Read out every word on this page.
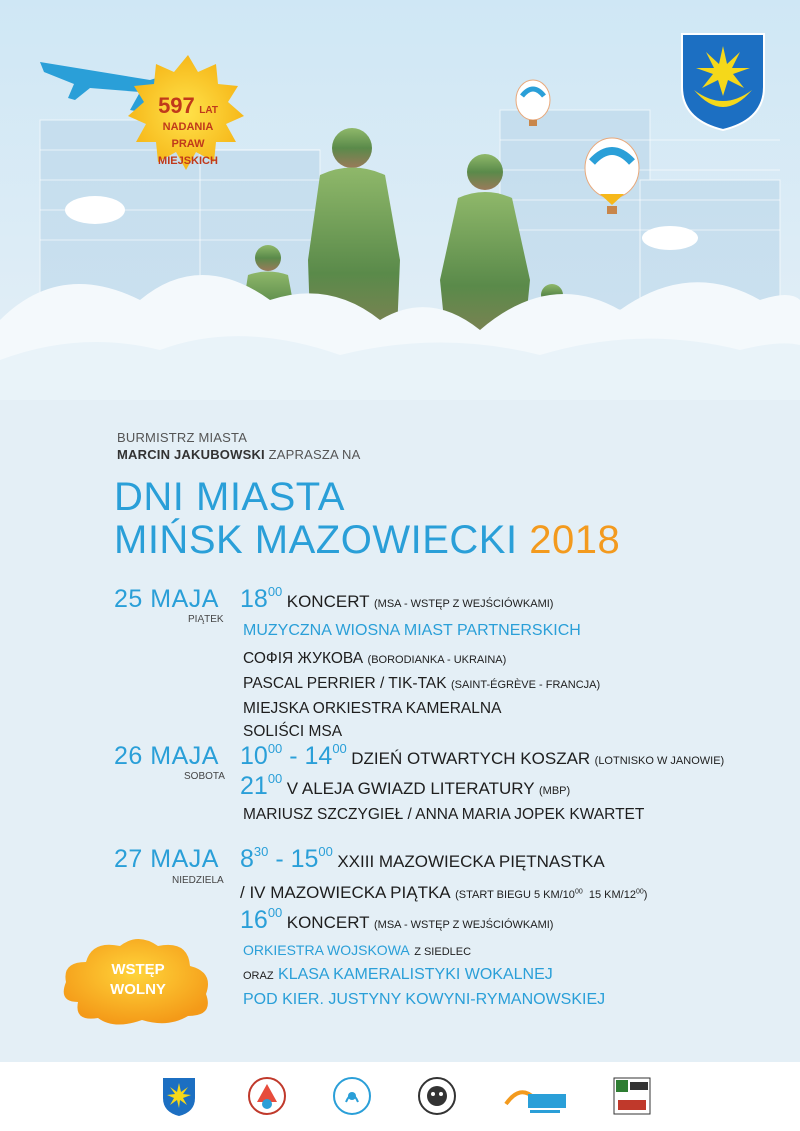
597 LAT
NADANIA
PRAW
MIEJSKICH
BURMISTRZ MIASTA
MARCIN JAKUBOWSKI ZAPRASZA NA
DNI MIASTA
MIŃSK MAZOWIECKI 2018
25 MAJA
PIĄTEK
$18^{00}$ KONCERT (MSA - WSTĘP Z WEJŚCIÓWKAMI)
MUZYCZNA WIOSNA MIAST PARTNERSKICH
СОФІЯ ЖУКОВА (BORODIANKA - UKRAINA)
PASCAL PERRIER / TIK-TAK (SAINT-ÉGRÈVE - FRANCJA)
MIEJSKA ORKIESTRA KAMERALNA
SOLIŚCI MSA
26 MAJA
SOBOTA
$10^{00} - 14^{00}$ DZIEŃ OTWARTYCH KOSZAR (LOTNISKO W JANOWIE)
$21^{00}$ V ALEJA GWIAZD LITERATURY (MBP)
MARIUSZ SZCZYGIEŁ / ANNA MARIA JOPEK KWARTET
27 MAJA
NIEDZIELA
$8^{30} - 15^{00}$ XXIII MAZOWIECKA PIĘTNASTKA
/ IV MAZOWIECKA PIĄTKA (START BIEGU 5 KM/10$^{00}$ 15 KM/12$^{00}$)
$16^{00}$ KONCERT (MSA - WSTĘP Z WEJŚCIÓWKAMI)
ORKIESTRA WOJSKOWA Z SIEDLEC
ORAZ KLASA KAMERALISTYKI WOKALNEJ
POD KIER. JUSTYNY KOWYNI-RYMANOWSKIEJ
WSTĘP
WOLNY
